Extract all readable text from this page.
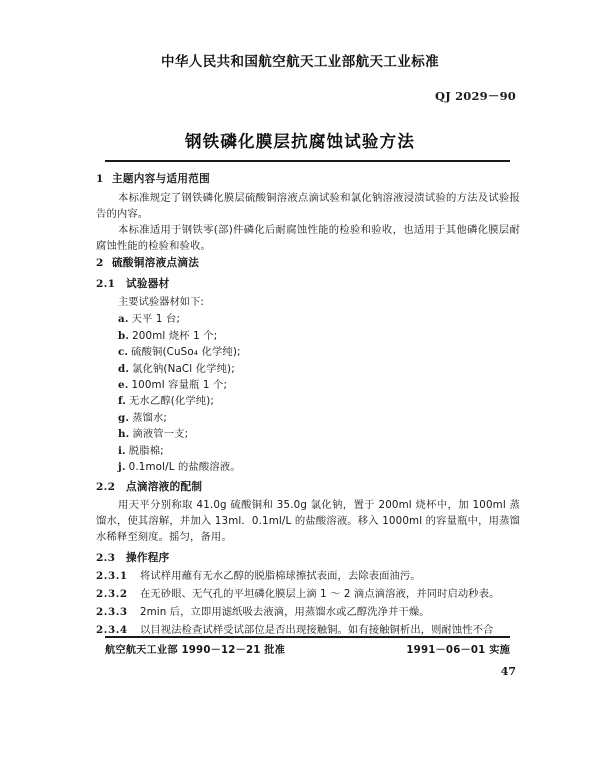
中华人民共和国航空航天工业部航天工业标准
QJ 2029－90
钢铁磷化膜层抗腐蚀试验方法
1 主题内容与适用范围

本标准规定了钢铁磷化膜层硫酸铜溶液点滴试验和氯化钠溶液浸渍试验的方法及试验报告的内容。

本标准适用于钢铁零(部)件磷化后耐腐蚀性能的检验和验收，也适用于其他磷化膜层耐腐蚀性能的检验和验收。

2 硫酸铜溶液点滴法
2.1 试验器材
主要试验器材如下:
a. 天平 1 台;
b. 200ml 烧杯 1 个;
c. 硫酸铜(CuSo₄ 化学纯);
d. 氯化钠(NaCl 化学纯);
e. 100ml 容量瓶 1 个;
f. 无水乙醇(化学纯);
g. 蒸馏水;
h. 滴液管一支;
i. 脱脂棉;
j. 0.1mol/L 的盐酸溶液。
2.2 点滴溶液的配制

用天平分别称取 41.0g 硫酸铜和 35.0g 氯化钠，置于 200ml 烧杯中，加 100ml 蒸馏水，使其溶解，并加入 13ml．0.1ml/L 的盐酸溶液。移入 1000ml 的容量瓶中，用蒸馏水稀释至刻度。摇匀，备用。

2.3 操作程序
2.3.1	将试样用蘸有无水乙醇的脱脂棉球擦拭表面，去除表面油污。
2.3.2	在无砂眼、无气孔的平坦磷化膜层上滴 1 ～ 2 滴点滴溶液，并同时启动秒表。
2.3.3	2min 后，立即用滤纸吸去液滴，用蒸馏水或乙醇洗净并干燥。
2.3.4	以目视法检查试样受试部位是否出现接触铜。如有接触铜析出，则耐蚀性不合
航空航天工业部 1990－12－21 批准	1991－06－01 实施
47
